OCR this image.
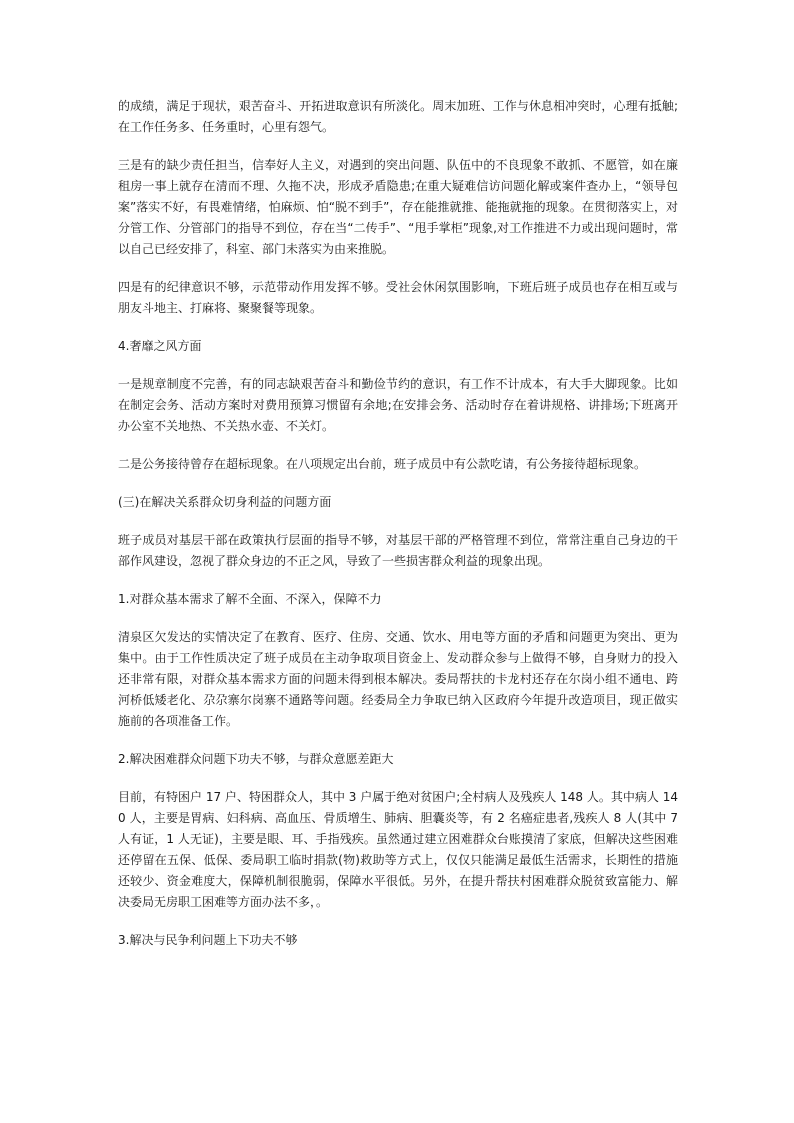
的成绩，满足于现状，艰苦奋斗、开拓进取意识有所淡化。周末加班、工作与休息相冲突时，心理有抵触;在工作任务多、任务重时，心里有怨气。

三是有的缺少责任担当，信奉好人主义，对遇到的突出问题、队伍中的不良现象不敢抓、不愿管，如在廉租房一事上就存在清而不理、久拖不决，形成矛盾隐患;在重大疑难信访问题化解或案件查办上，“领导包案”落实不好，有畏难情绪，怕麻烦、怕“脱不到手”，存在能推就推、能拖就拖的现象。在贯彻落实上，对分管工作、分管部门的指导不到位，存在当“二传手”、“甩手掌柜”现象,对工作推进不力或出现问题时，常以自己已经安排了，科室、部门未落实为由来推脱。

四是有的纪律意识不够，示范带动作用发挥不够。受社会休闲氛围影响，下班后班子成员也存在相互或与朋友斗地主、打麻将、聚聚餐等现象。

4.奢靡之风方面

一是规章制度不完善，有的同志缺艰苦奋斗和勤俭节约的意识，有工作不计成本，有大手大脚现象。比如在制定会务、活动方案时对费用预算习惯留有余地;在安排会务、活动时存在着讲规格、讲排场;下班离开办公室不关地热、不关热水壶、不关灯。

二是公务接待曾存在超标现象。在八项规定出台前，班子成员中有公款吃请，有公务接待超标现象。

(三)在解决关系群众切身利益的问题方面

班子成员对基层干部在政策执行层面的指导不够，对基层干部的严格管理不到位，常常注重自己身边的干部作风建设，忽视了群众身边的不正之风，导致了一些损害群众利益的现象出现。

1.对群众基本需求了解不全面、不深入，保障不力

清泉区欠发达的实情决定了在教育、医疗、住房、交通、饮水、用电等方面的矛盾和问题更为突出、更为集中。由于工作性质决定了班子成员在主动争取项目资金上、发动群众参与上做得不够，自身财力的投入还非常有限，对群众基本需求方面的问题未得到根本解决。委局帮扶的卡龙村还存在尔岗小组不通电、跨河桥低矮老化、尕尕寨尔岗寨不通路等问题。经委局全力争取已纳入区政府今年提升改造项目，现正做实施前的各项准备工作。

2.解决困难群众问题下功夫不够，与群众意愿差距大

目前，有特困户 17 户、特困群众人，其中 3 户属于绝对贫困户;全村病人及残疾人 148 人。其中病人 140 人，主要是胃病、妇科病、高血压、骨质增生、肺病、胆囊炎等，有 2 名癌症患者,残疾人 8 人(其中 7 人有证，1 人无证)，主要是眼、耳、手指残疾。虽然通过建立困难群众台账摸清了家底，但解决这些困难还停留在五保、低保、委局职工临时捐款(物)救助等方式上，仅仅只能满足最低生活需求，长期性的措施还较少、资金难度大，保障机制很脆弱，保障水平很低。另外，在提升帮扶村困难群众脱贫致富能力、解决委局无房职工困难等方面办法不多，。

3.解决与民争利问题上下功夫不够
